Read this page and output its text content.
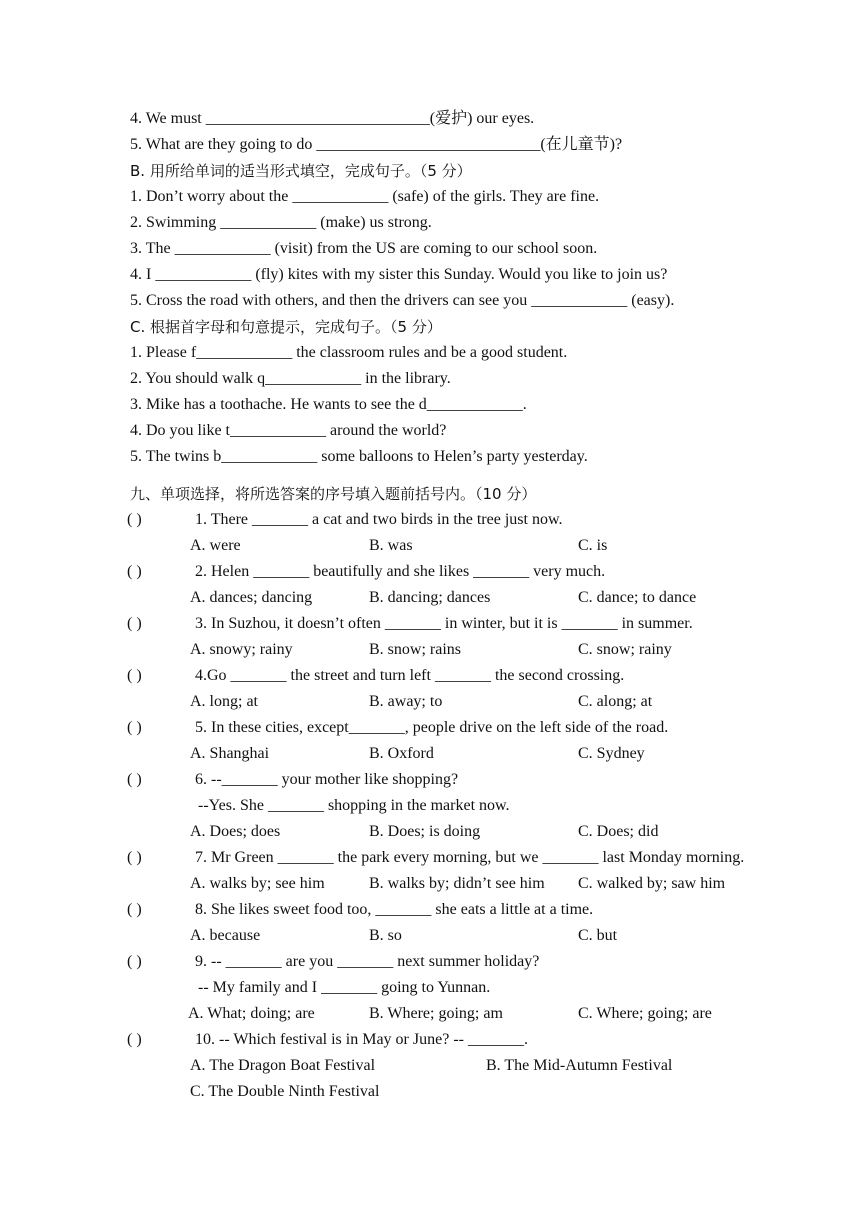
4. We must ____________________________(爱护) our eyes.
5. What are they going to do ____________________________(在儿童节)?
B. 用所给单词的适当形式填空，完成句子。（5 分）
1. Don’t worry about the ____________ (safe) of the girls. They are fine.
2. Swimming ____________ (make) us strong.
3. The ____________ (visit) from the US are coming to our school soon.
4. I ____________ (fly) kites with my sister this Sunday. Would you like to join us?
5. Cross the road with others, and then the drivers can see you ____________ (easy).
C. 根据首字母和句意提示，完成句子。（5 分）
1. Please f____________ the classroom rules and be a good student.
2. You should walk q____________ in the library.
3. Mike has a toothache. He wants to see the d____________.
4. Do you like t____________ around the world?
5. The twins b____________ some balloons to Helen’s party yesterday.
九、单项选择，将所选答案的序号填入题前括号内。（10 分）
( )	1. There _______ a cat and two birds in the tree just now.
A. were	B. was	C. is
( )	2. Helen _______ beautifully and she likes _______ very much.
A. dances; dancing	B. dancing; dances	C. dance; to dance
( )	3. In Suzhou, it doesn’t often _______ in winter, but it is _______ in summer.
A. snowy; rainy	B. snow; rains	C. snow; rainy
( )	4.Go _______ the street and turn left _______ the second crossing.
A. long; at	B. away; to	C. along; at
( )	5. In these cities, except_______, people drive on the left side of the road.
A. Shanghai	B. Oxford	C. Sydney
( )	6. --_______ your mother like shopping?
--Yes. She _______ shopping in the market now.
A. Does; does	B. Does; is doing	C. Does; did
( )	7. Mr Green _______ the park every morning, but we _______ last Monday morning.
A. walks by; see him	B. walks by; didn’t see him C. walked by; saw him
( )	8. She likes sweet food too, _______ she eats a little at a time.
A. because	B. so	C. but
( )	9. -- _______ are you _______ next summer holiday?
-- My family and I _______ going to Yunnan.
A. What; doing; are	B. Where; going; am	C. Where; going; are
( )	10. -- Which festival is in May or June? -- _______.
A. The Dragon Boat Festival	B. The Mid-Autumn Festival
C. The Double Ninth Festival
